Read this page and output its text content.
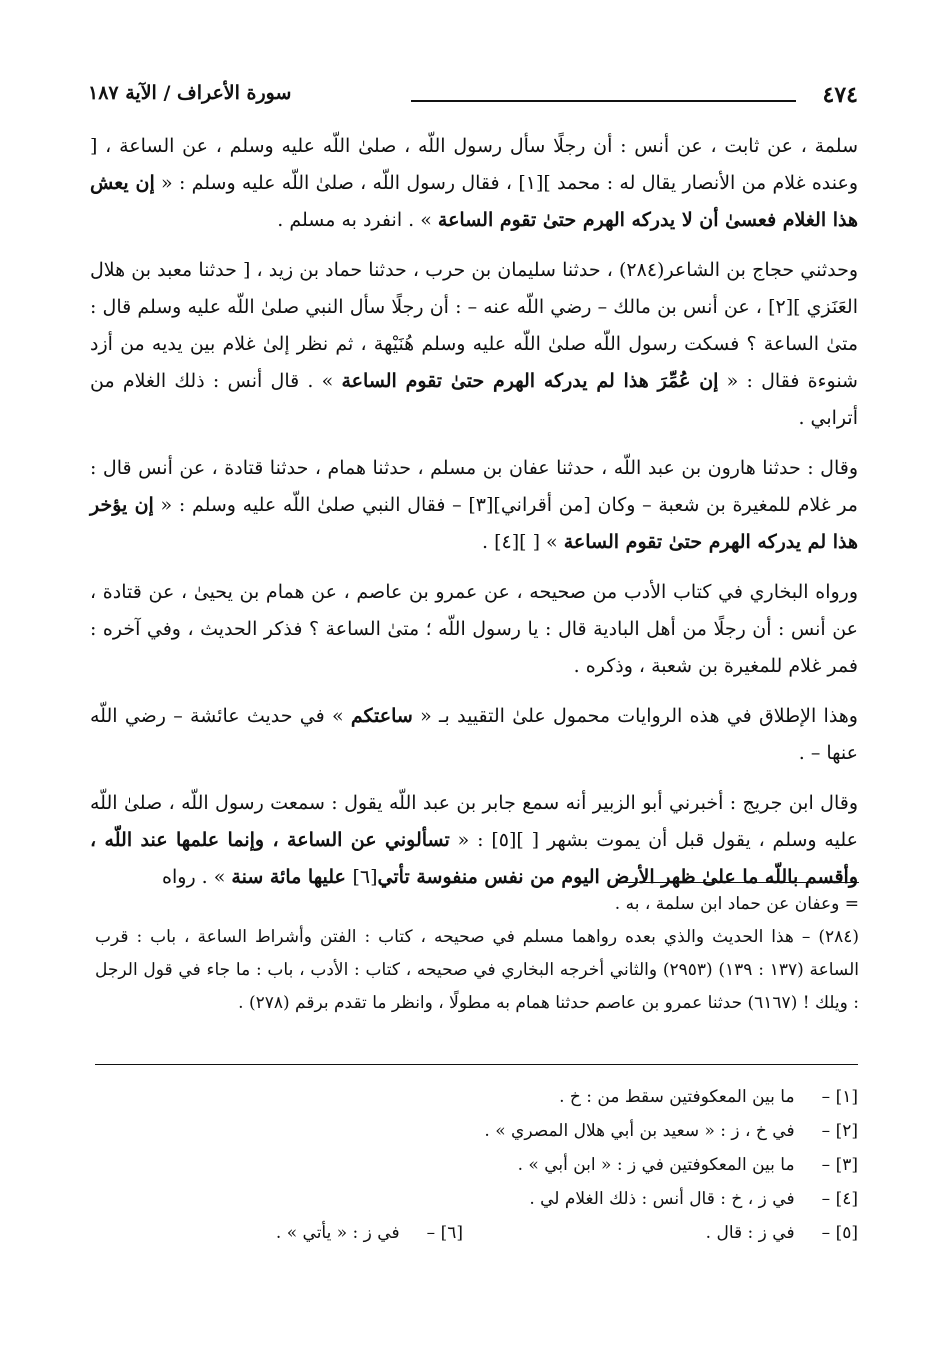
٤٧٤
سورة الأعراف / الآية ١٨٧

سلمة ، عن ثابت ، عن أنس : أن رجلًا سأل رسول اللّه ، صلىٰ اللّه عليه وسلم ، عن الساعة ، [ وعنده غلام من الأنصار يقال له : محمد ][١] ، فقال رسول اللّه ، صلىٰ اللّه عليه وسلم : « إن يعش هذا الغلام فعسىٰ أن لا يدركه الهرم حتىٰ تقوم الساعة » . انفرد به مسلم .

وحدثني حجاج بن الشاعر(٢٨٤) ، حدثنا سليمان بن حرب ، حدثنا حماد بن زيد ، [ حدثنا معبد بن هلال العَنَزي ][٢] ، عن أنس بن مالك – رضي اللّه عنه – : أن رجلًا سأل النبي صلىٰ اللّه عليه وسلم قال : متىٰ الساعة ؟ فسكت رسول اللّه صلىٰ اللّه عليه وسلم هُنَيْهة ، ثم نظر إلىٰ غلام بين يديه من أزد شنوءة فقال : « إن عُمِّرَ هذا لم يدركه الهرم حتىٰ تقوم الساعة » . قال أنس : ذلك الغلام من أترابي .

وقال : حدثنا هارون بن عبد اللّه ، حدثنا عفان بن مسلم ، حدثنا همام ، حدثنا قتادة ، عن أنس قال : مر غلام للمغيرة بن شعبة – وكان [من أقراني][٣] – فقال النبي صلىٰ اللّه عليه وسلم : « إن يؤخر هذا لم يدركه الهرم حتىٰ تقوم الساعة » [ ][٤] .

ورواه البخاري في كتاب الأدب من صحيحه ، عن عمرو بن عاصم ، عن همام بن يحيىٰ ، عن قتادة ، عن أنس : أن رجلًا من أهل البادية قال : يا رسول اللّه ؛ متىٰ الساعة ؟ فذكر الحديث ، وفي آخره : فمر غلام للمغيرة بن شعبة ، وذكره .

وهذا الإطلاق في هذه الروايات محمول علىٰ التقييد بـ « ساعتكم » في حديث عائشة – رضي اللّه عنها – .

وقال ابن جريج : أخبرني أبو الزبير أنه سمع جابر بن عبد اللّه يقول : سمعت رسول اللّه ، صلىٰ اللّه عليه وسلم ، يقول قبل أن يموت بشهر [ ][٥] : « تسألوني عن الساعة ، وإنما علمها عند اللّه ، وأقسم باللّه ما علىٰ ظهر الأرض اليوم من نفس منفوسة تأتي[٦] عليها مائة سنة » . رواه

= وعفان عن حماد ابن سلمة ، به .

(٢٨٤) – هذا الحديث والذي بعده رواهما مسلم في صحيحه ، كتاب : الفتن وأشراط الساعة ، باب : قرب الساعة (١٣٧ : ١٣٩) (٢٩٥٣) والثاني أخرجه البخاري في صحيحه ، كتاب : الأدب ، باب : ما جاء في قول الرجل : ويلك ! (٦١٦٧) حدثنا عمرو بن عاصم حدثنا همام به مطولًا ، وانظر ما تقدم برقم (٢٧٨) .

[١] – ما بين المعكوفتين سقط من : خ .

[٢] – في خ ، ز : « سعيد بن أبي هلال المصري » .

[٣] – ما بين المعكوفتين في ز : « ابن أبي » .

[٤] – في ز ، خ : قال أنس : ذلك الغلام لي .

[٥] – في ز : قال .

[٦] – في ز : « يأتي » .
